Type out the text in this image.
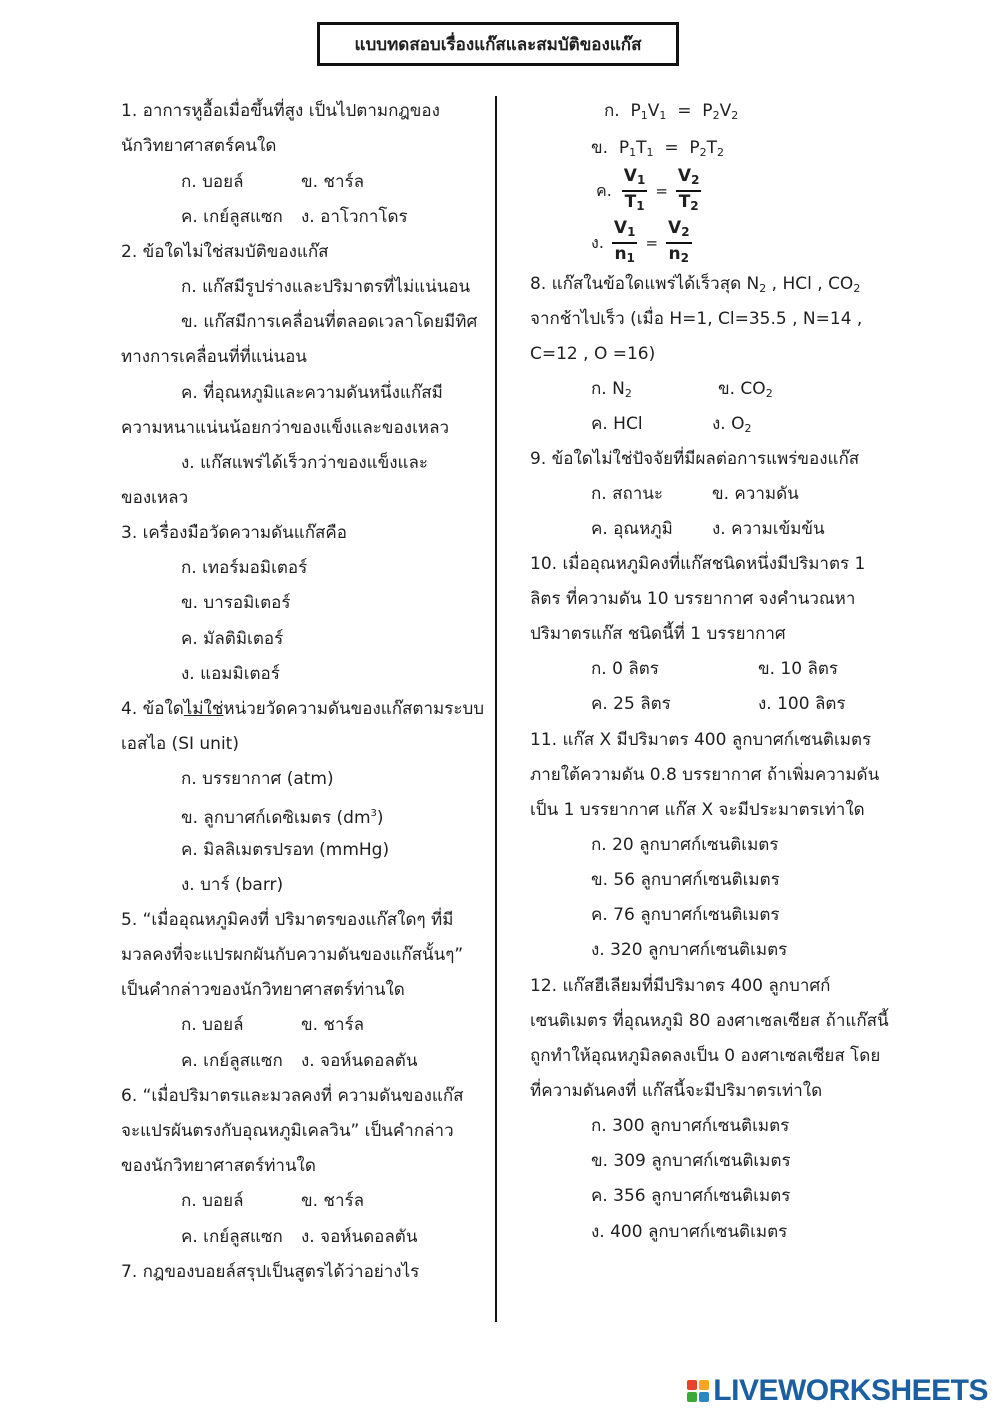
แบบทดสอบเรื่องแก๊สและสมบัติของแก๊ส
1. อาการหูอื้อเมื่อขึ้นที่สูง เป็นไปตามกฎของ
นักวิทยาศาสตร์คนใด
ก. บอยล์	ข. ชาร์ล
ค. เกย์ลูสแซก ง. อาโวกาโดร
2. ข้อใดไม่ใช่สมบัติของแก๊ส
ก. แก๊สมีรูปร่างและปริมาตรที่ไม่แน่นอน
ข. แก๊สมีการเคลื่อนที่ตลอดเวลาโดยมีทิศ
ทางการเคลื่อนที่ที่แน่นอน
ค. ที่อุณหภูมิและความดันหนึ่งแก๊สมี
ความหนาแน่นน้อยกว่าของแข็งและของเหลว
ง. แก๊สแพร่ได้เร็วกว่าของแข็งและ
ของเหลว
3. เครื่องมือวัดความดันแก๊สคือ
ก. เทอร์มอมิเตอร์
ข. บารอมิเตอร์
ค. มัลติมิเตอร์
ง. แอมมิเตอร์
4. ข้อใดไม่ใช่หน่วยวัดความดันของแก๊สตามระบบ
เอสไอ (SI unit)
ก. บรรยากาศ (atm)
ข. ลูกบาศก์เดซิเมตร $(dm^3)$
ค. มิลลิเมตรปรอท (mmHg)
ง. บาร์ (barr)
5. “เมื่ออุณหภูมิคงที่ ปริมาตรของแก๊สใดๆ ที่มี
มวลคงที่จะแปรผกผันกับความดันของแก๊สนั้นๆ”
เป็นคำกล่าวของนักวิทยาศาสตร์ท่านใด
ก. บอยล์	ข. ชาร์ล
ค. เกย์ลูสแซก ง. จอห์นดอลตัน
6. “เมื่อปริมาตรและมวลคงที่ ความดันของแก๊ส
จะแปรผันตรงกับอุณหภูมิเคลวิน” เป็นคำกล่าว
ของนักวิทยาศาสตร์ท่านใด
ก. บอยล์	ข. ชาร์ล
ค. เกย์ลูสแซก ง. จอห์นดอลตัน
7. กฎของบอยล์สรุปเป็นสูตรได้ว่าอย่างไร
ก. $P_1V_1 = P_2V_2$
ข. $P_1T_1 = P_2T_2$
ค. $\frac{V1}{T1} = \frac{V2}{T2}$
ง. $\frac{V1}{n1} = \frac{V2}{n2}$
8. แก๊สในข้อใดแพร่ได้เร็วสุด $N_2$ , HCl , $CO_2$
จากช้าไปเร็ว (เมื่อ H=1, Cl=35.5 , N=14 ,
C=12 , O =16)
ก. $N_2$	ข. $CO_2$
ค. HCl	ง. $O_2$
9. ข้อใดไม่ใช่ปัจจัยที่มีผลต่อการแพร่ของแก๊ส
ก. สถานะ	ข. ความดัน
ค. อุณหภูมิ ง. ความเข้มข้น
10. เมื่ออุณหภูมิคงที่แก๊สชนิดหนึ่งมีปริมาตร 1
ลิตร ที่ความดัน 10 บรรยากาศ จงคำนวณหา
ปริมาตรแก๊ส ชนิดนี้ที่ 1 บรรยากาศ
ก. 0 ลิตร	ข. 10 ลิตร
ค. 25 ลิตร	ง. 100 ลิตร
11. แก๊ส X มีปริมาตร 400 ลูกบาศก์เซนติเมตร
ภายใต้ความดัน 0.8 บรรยากาศ ถ้าเพิ่มความดัน
เป็น 1 บรรยากาศ แก๊ส X จะมีประมาตรเท่าใด
ก. 20 ลูกบาศก์เซนติเมตร
ข. 56 ลูกบาศก์เซนติเมตร
ค. 76 ลูกบาศก์เซนติเมตร
ง. 320 ลูกบาศก์เซนติเมตร
12. แก๊สฮีเลียมที่มีปริมาตร 400 ลูกบาศก์
เซนติเมตร ที่อุณหภูมิ 80 องศาเซลเซียส ถ้าแก๊สนี้
ถูกทำให้อุณหภูมิลดลงเป็น 0 องศาเซลเซียส โดย
ที่ความดันคงที่ แก๊สนี้จะมีปริมาตรเท่าใด
ก. 300 ลูกบาศก์เซนติเมตร
ข. 309 ลูกบาศก์เซนติเมตร
ค. 356 ลูกบาศก์เซนติเมตร
ง. 400 ลูกบาศก์เซนติเมตร
LIVEWORKSHEETS
